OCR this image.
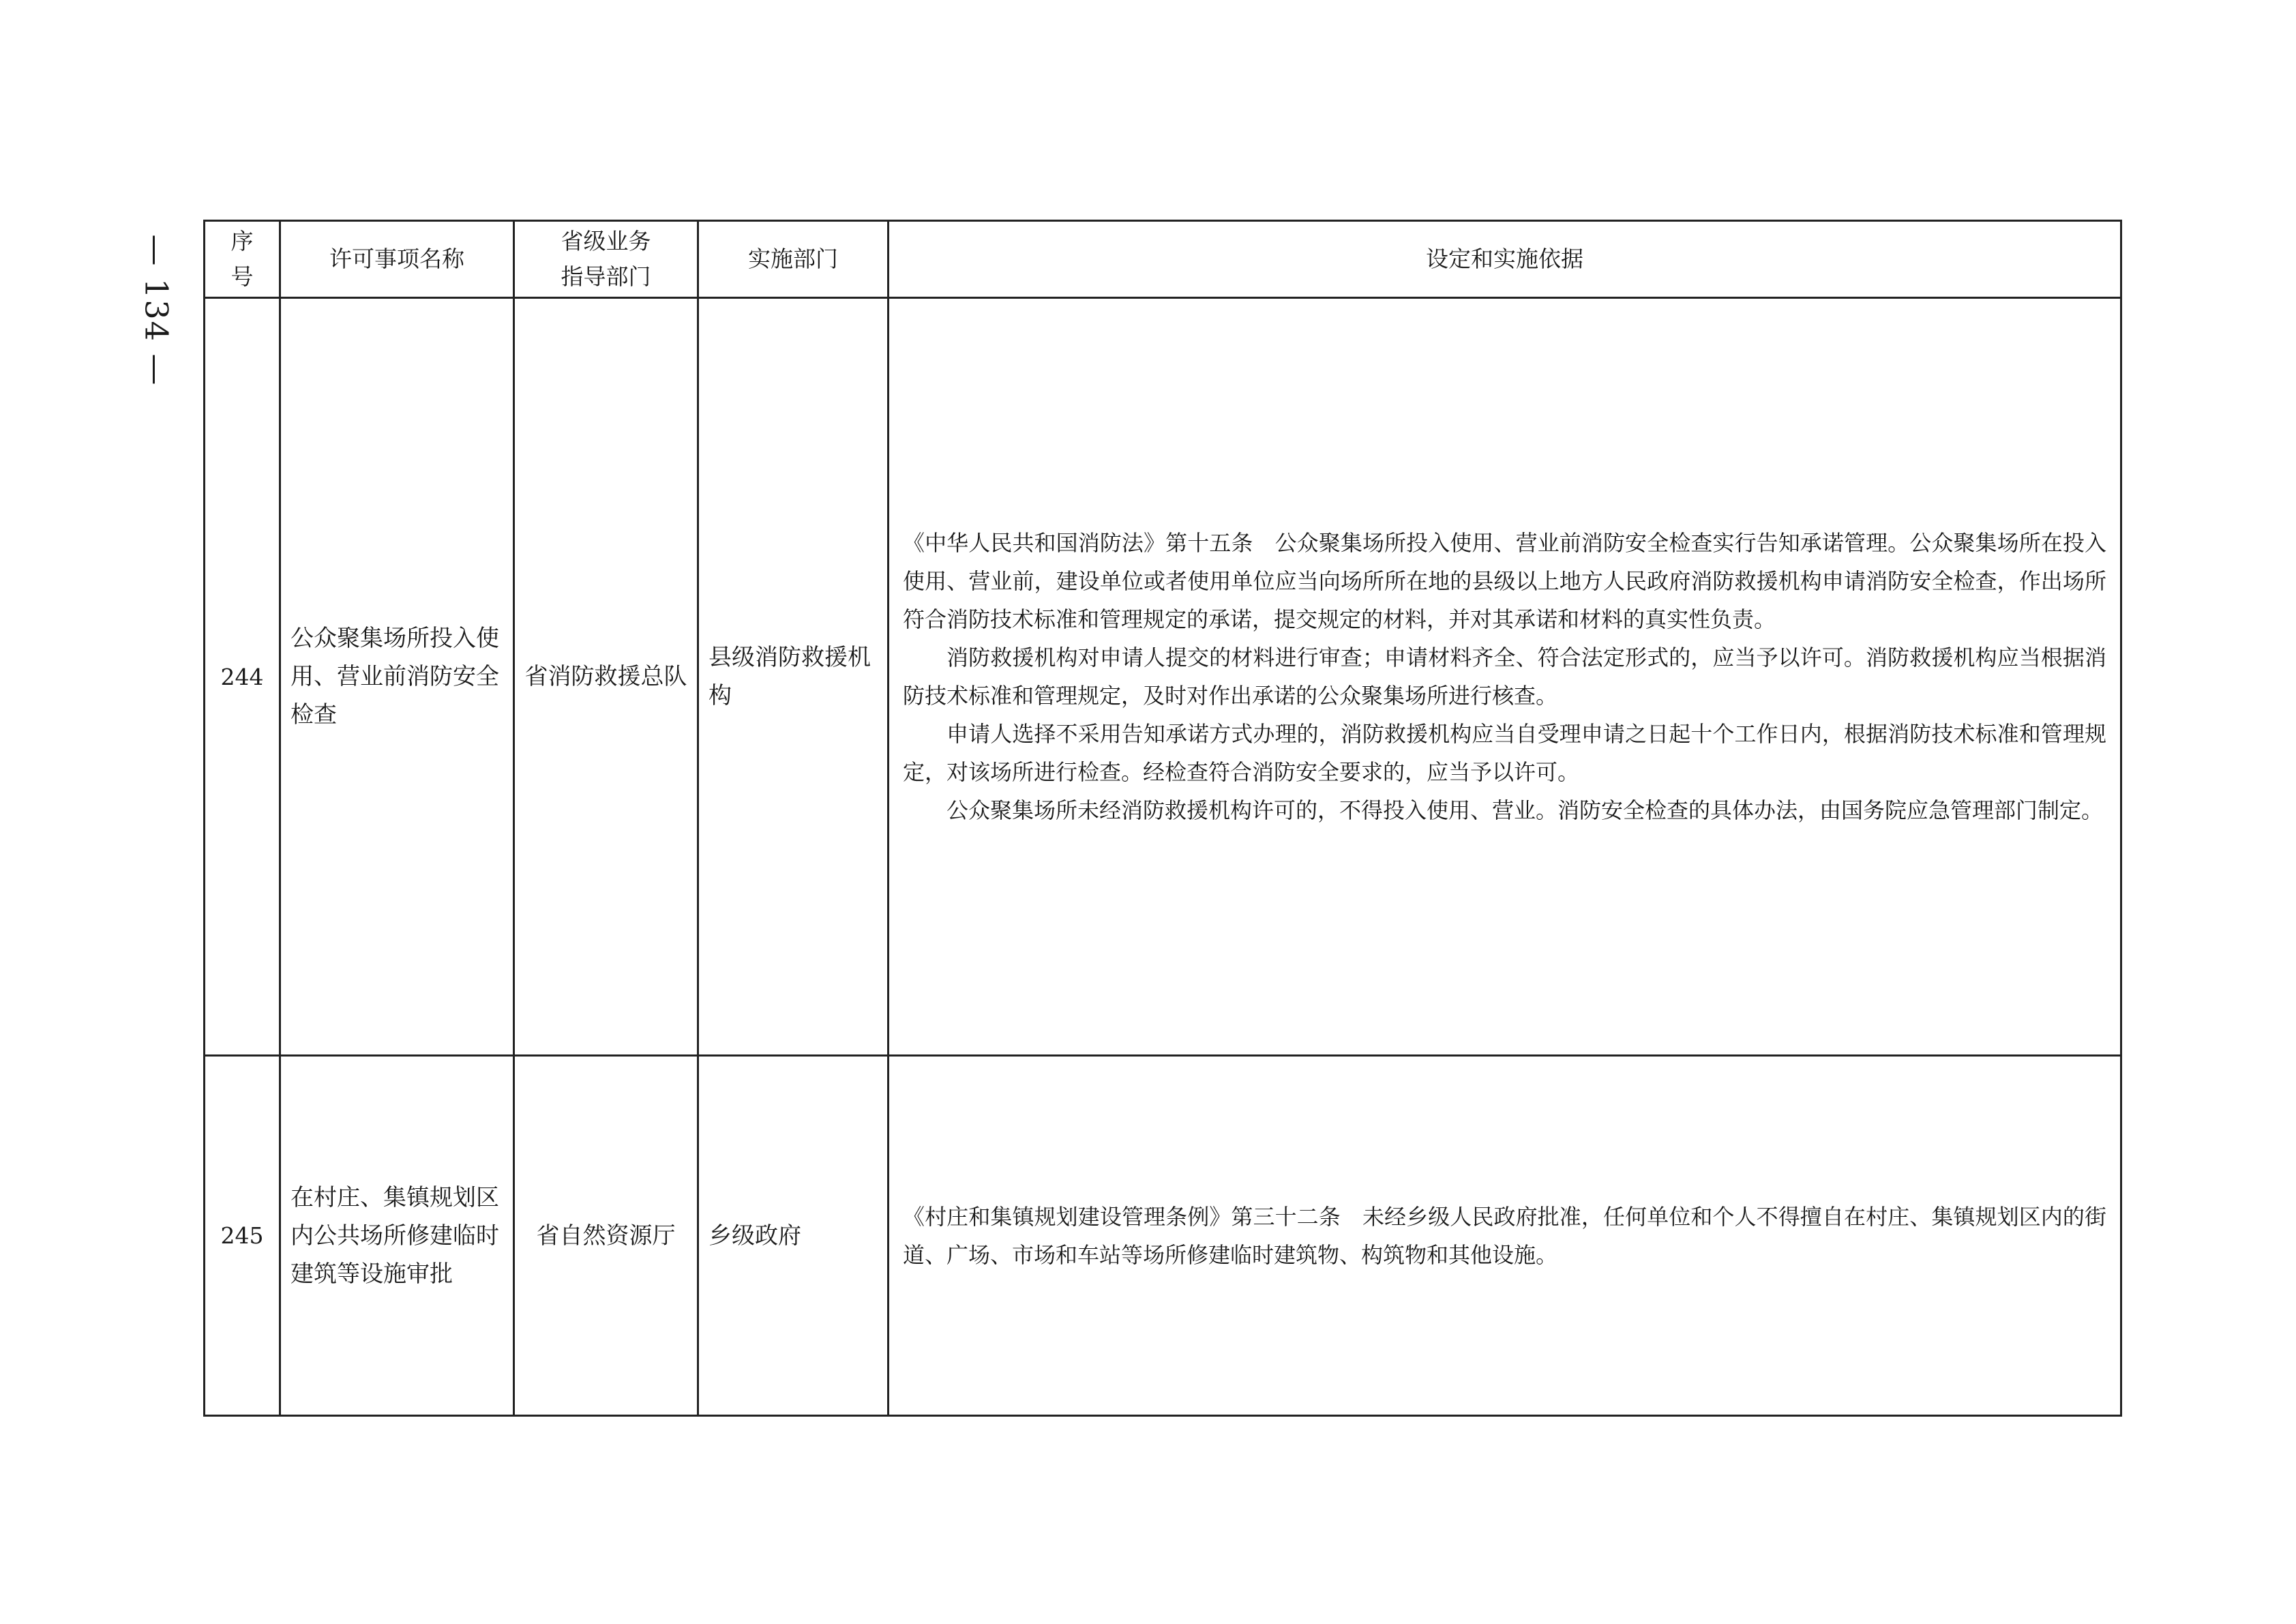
— 134 — 序号	许可事项名称	省级业务指导部门	实施部门	设定和实施依据
244	公众聚集场所投入使用、营业前消防安全检查	省消防救援总队	县级消防救援机构	《中华人民共和国消防法》第十五条　公众聚集场所投入使用、营业前消防安全检查实行告知承诺管理。公众聚集场所在投入使用、营业前，建设单位或者使用单位应当向场所所在地的县级以上地方人民政府消防救援机构申请消防安全检查，作出场所符合消防技术标准和管理规定的承诺，提交规定的材料，并对其承诺和材料的真实性负责。

消防救援机构对申请人提交的材料进行审查；申请材料齐全、符合法定形式的，应当予以许可。消防救援机构应当根据消防技术标准和管理规定，及时对作出承诺的公众聚集场所进行核查。

申请人选择不采用告知承诺方式办理的，消防救援机构应当自受理申请之日起十个工作日内，根据消防技术标准和管理规定，对该场所进行检查。经检查符合消防安全要求的，应当予以许可。

公众聚集场所未经消防救援机构许可的，不得投入使用、营业。消防安全检查的具体办法，由国务院应急管理部门制定。

245	在村庄、集镇规划区内公共场所修建临时建筑等设施审批	省自然资源厅	乡级政府	《村庄和集镇规划建设管理条例》第三十二条　未经乡级人民政府批准，任何单位和个人不得擅自在村庄、集镇规划区内的街道、广场、市场和车站等场所修建临时建筑物、构筑物和其他设施。
